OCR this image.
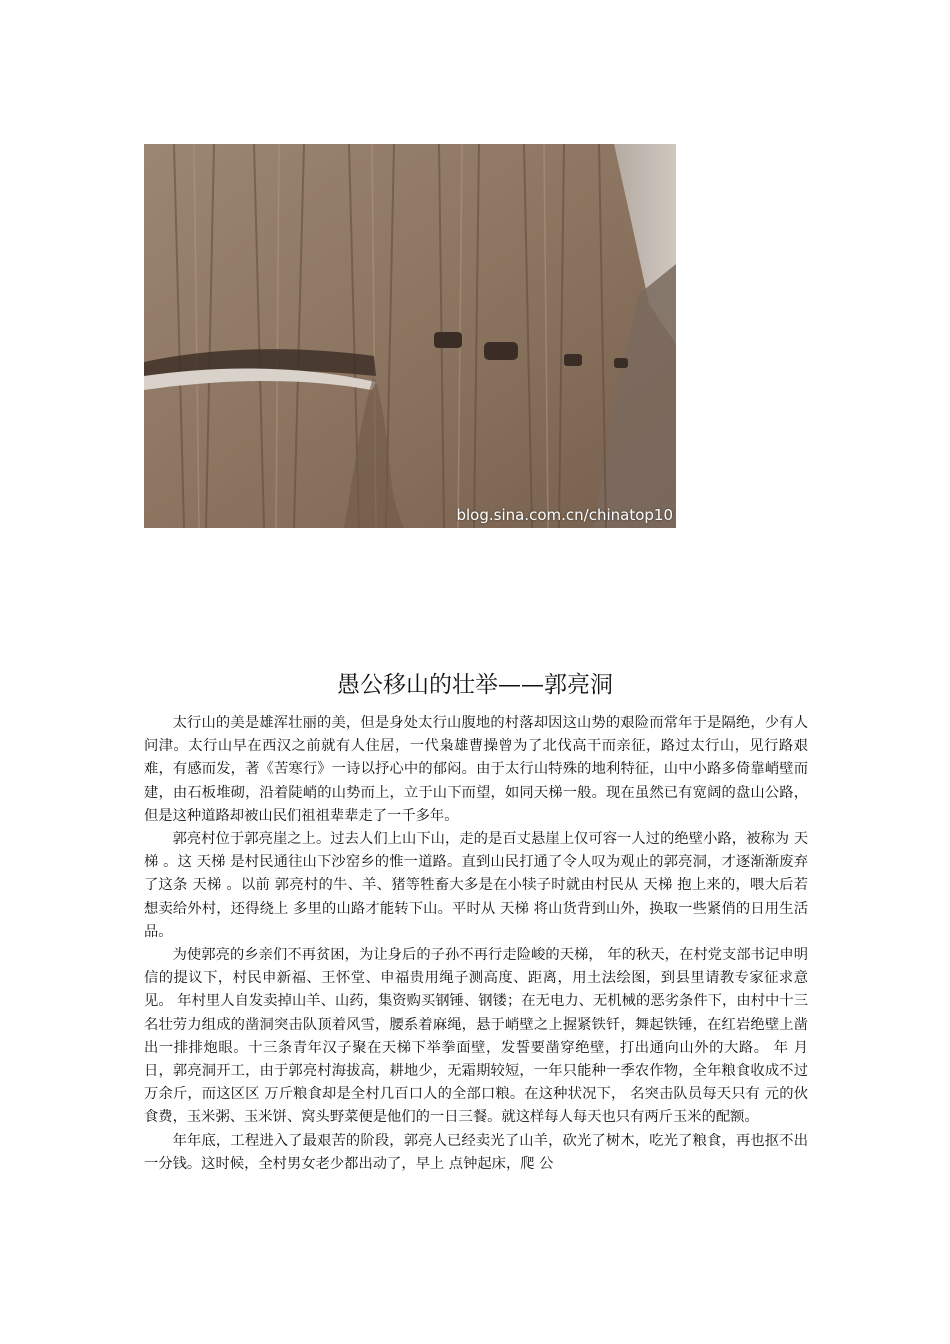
blog.sina.com.cn/chinatop10
愚公移山的壮举——郭亮洞

太行山的美是雄浑壮丽的美，但是身处太行山腹地的村落却因这山势的艰险而常年于是隔绝，少有人问津。太行山早在西汉之前就有人住居，一代枭雄曹操曾为了北伐高干而亲征，路过太行山，见行路艰难，有感而发，著《苦寒行》一诗以抒心中的郁闷。由于太行山特殊的地利特征，山中小路多倚靠峭壁而建，由石板堆砌，沿着陡峭的山势而上，立于山下而望，如同天梯一般。现在虽然已有宽阔的盘山公路，但是这种道路却被山民们祖祖辈辈走了一千多年。

郭亮村位于郭亮崖之上。过去人们上山下山，走的是百丈悬崖上仅可容一人过的绝壁小路，被称为 天梯 。这 天梯 是村民通往山下沙窑乡的惟一道路。直到山民打通了令人叹为观止的郭亮洞，才逐渐渐废弃了这条 天梯 。以前 郭亮村的牛、羊、猪等牲畜大多是在小犊子时就由村民从 天梯 抱上来的，喂大后若想卖给外村，还得绕上 多里的山路才能转下山。平时从 天梯 将山货背到山外，换取一些紧俏的日用生活品。

为使郭亮的乡亲们不再贫困，为让身后的子孙不再行走险峻的天梯， 年的秋天，在村党支部书记申明信的提议下，村民申新福、王怀堂、申福贵用绳子测高度、距离，用土法绘图，到县里请教专家征求意见。 年村里人自发卖掉山羊、山药，集资购买钢锤、钢镂；在无电力、无机械的恶劣条件下，由村中十三名壮劳力组成的凿洞突击队顶着风雪，腰系着麻绳，悬于峭壁之上握紧铁钎，舞起铁锤，在红岩绝壁上凿出一排排炮眼。十三条青年汉子聚在天梯下举拳面壁，发誓要凿穿绝壁，打出通向山外的大路。 年 月 日，郭亮洞开工，由于郭亮村海拔高，耕地少，无霜期较短，一年只能种一季农作物，全年粮食收成不过 万余斤，而这区区 万斤粮食却是全村几百口人的全部口粮。在这种状况下， 名突击队员每天只有 元的伙食费，玉米粥、玉米饼、窝头野菜便是他们的一日三餐。就这样每人每天也只有两斤玉米的配额。

年年底，工程进入了最艰苦的阶段，郭亮人已经卖光了山羊，砍光了树木，吃光了粮食，再也抠不出一分钱。这时候，全村男女老少都出动了，早上 点钟起床，爬 公
